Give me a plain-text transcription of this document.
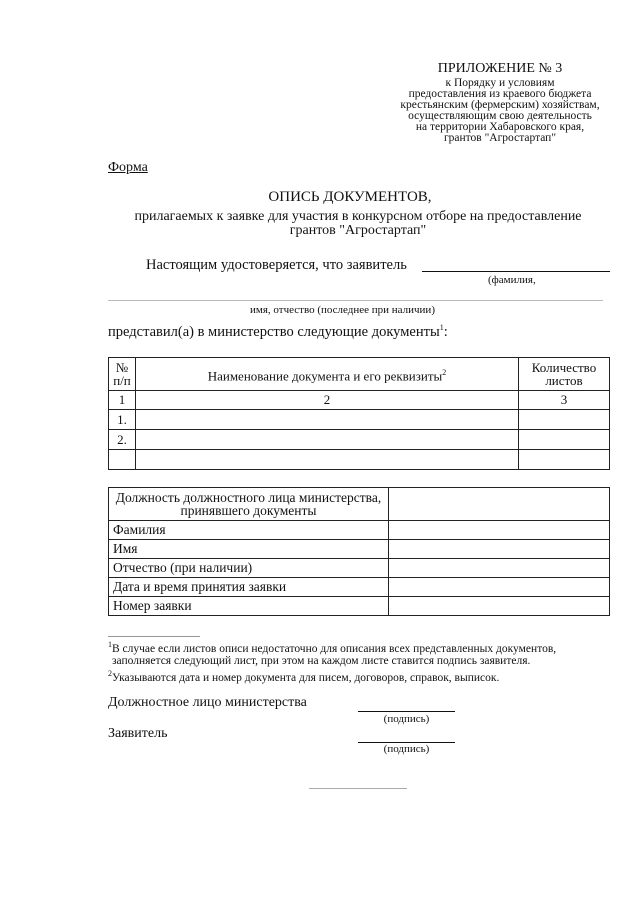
ПРИЛОЖЕНИЕ № 3
к Порядку и условиям
предоставления из краевого бюджета
крестьянским (фермерским) хозяйствам,
осуществляющим свою деятельность
на территории Хабаровского края,
грантов "Агростартап"
Форма
ОПИСЬ ДОКУМЕНТОВ,
прилагаемых к заявке для участия в конкурсном отборе на предоставление
грантов "Агростартап"
Настоящим удостоверяется, что заявитель
(фамилия,
имя, отчество (последнее при наличии)
представил(а) в министерство следующие документы$^1$:
№ п/п	Наименование документа и его реквизиты$^2$	Количество листов
1	2	3
1.		
2.		

Должность должностного лица министерства, принявшего документы	
Фамилия	
Имя	
Отчество (при наличии)	
Дата и время принятия заявки	
Номер заявки	
$^1$В случае если листов описи недостаточно для описания всех представленных документов,
заполняется следующий лист, при этом на каждом листе ставится подпись заявителя.
$^2$Указываются дата и номер документа для писем, договоров, справок, выписок.
Должностное лицо министерства
(подпись)
Заявитель
(подпись)
